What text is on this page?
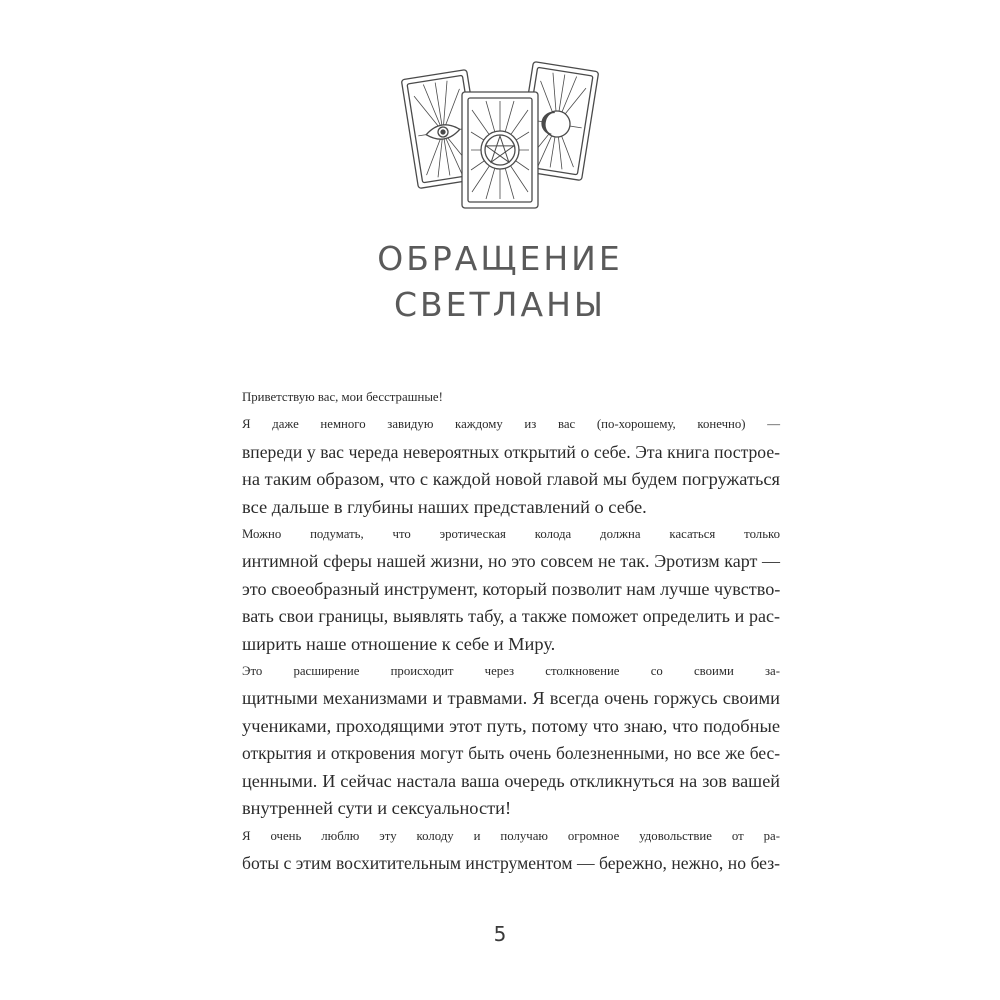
ОБРАЩЕНИЕ
СВЕТЛАНЫ

Приветствую вас, мои бесстрашные!

Я даже немного завидую каждому из вас (по-хорошему, конечно) —
впереди у вас череда невероятных открытий о себе. Эта книга построе-
на таким образом, что с каждой новой главой мы будем погружаться
все дальше в глубины наших представлений о себе.

Можно подумать, что эротическая колода должна касаться только
интимной сферы нашей жизни, но это совсем не так. Эротизм карт —
это своеобразный инструмент, который позволит нам лучше чувство-
вать свои границы, выявлять табу, а также поможет определить и рас-
ширить наше отношение к себе и Миру.

Это расширение происходит через столкновение со своими за-
щитными механизмами и травмами. Я всегда очень горжусь своими
учениками, проходящими этот путь, потому что знаю, что подобные
открытия и откровения могут быть очень болезненными, но все же бес-
ценными. И сейчас настала ваша очередь откликнуться на зов вашей
внутренней сути и сексуальности!

Я очень люблю эту колоду и получаю огромное удовольствие от ра-
боты с этим восхитительным инструментом — бережно, нежно, но без-

5
